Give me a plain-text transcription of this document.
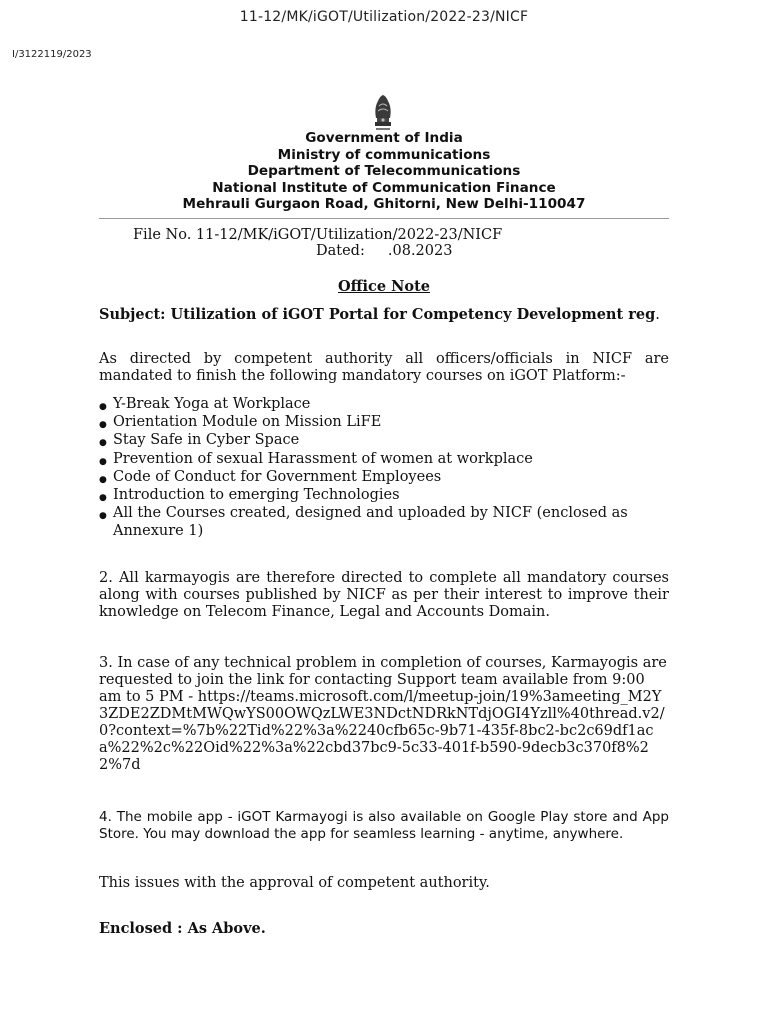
11-12/MK/iGOT/Utilization/2022-23/NICF
I/3122119/2023
Government of India
Ministry of communications
Department of Telecommunications
National Institute of Communication Finance
Mehrauli Gurgaon Road, Ghitorni, New Delhi-110047
File No. 11-12/MK/iGOT/Utilization/2022-23/NICF
Dated:     .08.2023
Office Note
Subject: Utilization of iGOT Portal for Competency Development reg.
As directed by competent authority all officers/officials in NICF are mandated to finish the following mandatory courses on iGOT Platform:-
● Y-Break Yoga at Workplace
● Orientation Module on Mission LiFE
● Stay Safe in Cyber Space
● Prevention of sexual Harassment of women at workplace
● Code of Conduct for Government Employees
● Introduction to emerging Technologies
● All the Courses created, designed and uploaded by NICF (enclosed as Annexure 1)
2. All karmayogis are therefore directed to complete all mandatory courses along with courses published by NICF as per their interest to improve their knowledge on Telecom Finance, Legal and Accounts Domain.
3. In case of any technical problem in completion of courses, Karmayogis are requested to join the link for contacting Support team available from 9:00 am to 5 PM - https://teams.microsoft.com/l/meetup-join/19%3ameeting_M2Y3ZDE2ZDMtMWQwYS00OWQzLWE3NDctNDRkNTdjOGI4Yzll%40thread.v2/0?context=%7b%22Tid%22%3a%2240cfb65c-9b71-435f-8bc2-bc2c69df1aca%22%2c%22Oid%22%3a%22cbd37bc9-5c33-401f-b590-9decb3c370f8%22%7d
4. The mobile app - iGOT Karmayogi is also available on Google Play store and App Store. You may download the app for seamless learning - anytime, anywhere.
This issues with the approval of competent authority.
Enclosed : As Above.
